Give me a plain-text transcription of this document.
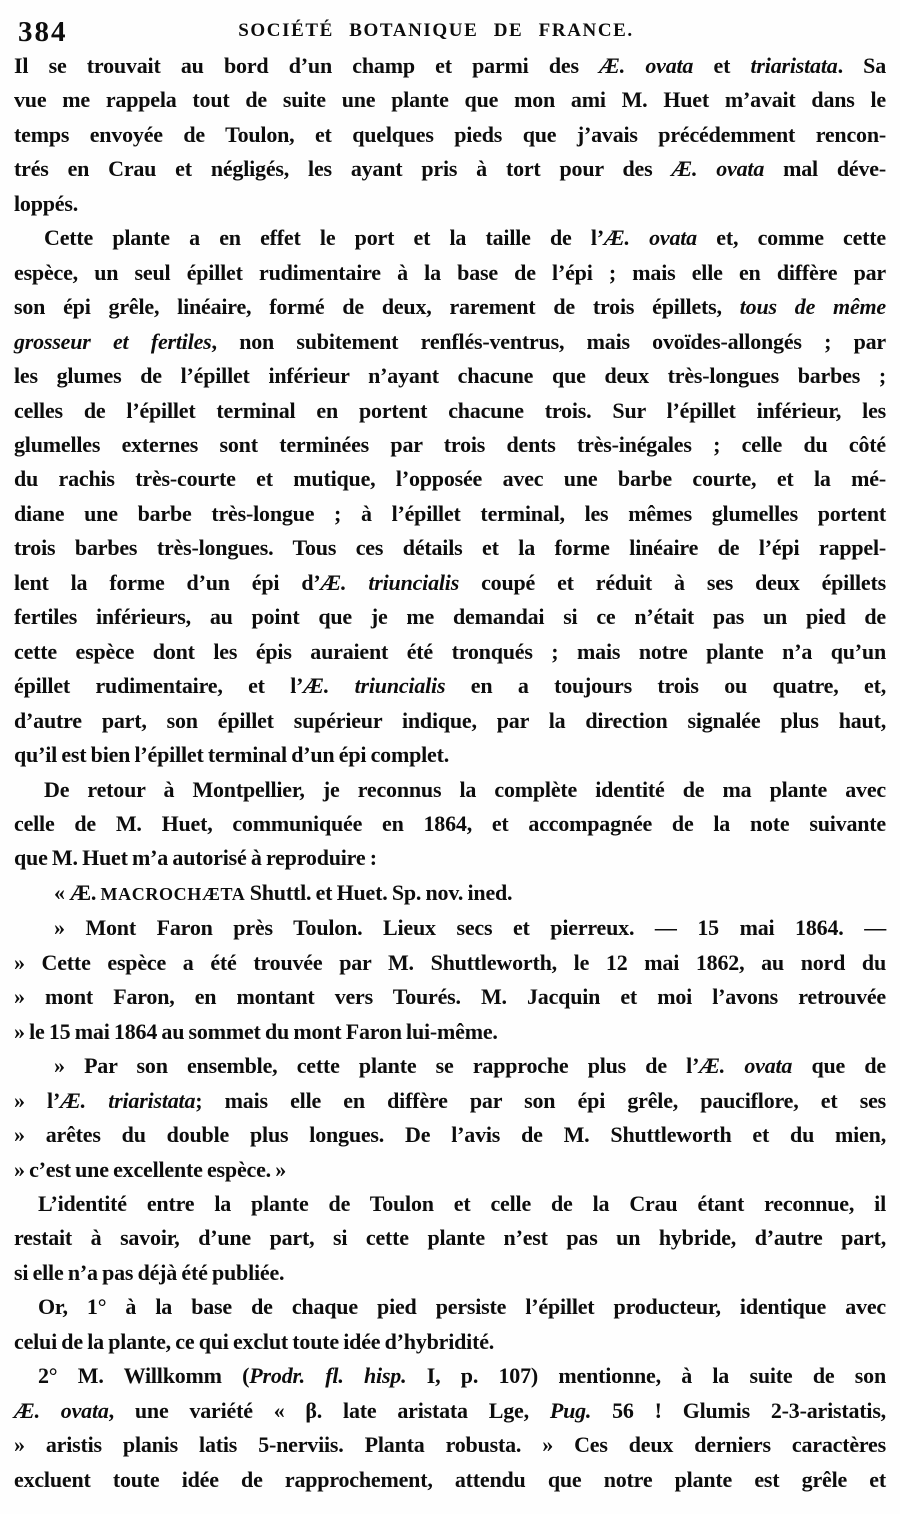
384	SOCIÉTÉ BOTANIQUE DE FRANCE.
Il se trouvait au bord d’un champ et parmi des Æ. ovata et triaristata. Sa
vue me rappela tout de suite une plante que mon ami M. Huet m’avait dans le
temps envoyée de Toulon, et quelques pieds que j’avais précédemment rencon-
trés en Crau et négligés, les ayant pris à tort pour des Æ. ovata mal déve-
loppés.
Cette plante a en effet le port et la taille de l’Æ. ovata et, comme cette
espèce, un seul épillet rudimentaire à la base de l’épi ; mais elle en diffère par
son épi grêle, linéaire, formé de deux, rarement de trois épillets, tous de même
grosseur et fertiles, non subitement renflés-ventrus, mais ovoïdes-allongés ; par
les glumes de l’épillet inférieur n’ayant chacune que deux très-longues barbes ;
celles de l’épillet terminal en portent chacune trois. Sur l’épillet inférieur, les
glumelles externes sont terminées par trois dents très-inégales ; celle du côté
du rachis très-courte et mutique, l’opposée avec une barbe courte, et la mé-
diane une barbe très-longue ; à l’épillet terminal, les mêmes glumelles portent
trois barbes très-longues. Tous ces détails et la forme linéaire de l’épi rappel-
lent la forme d’un épi d’Æ. triuncialis coupé et réduit à ses deux épillets
fertiles inférieurs, au point que je me demandai si ce n’était pas un pied de
cette espèce dont les épis auraient été tronqués ; mais notre plante n’a qu’un
épillet rudimentaire, et l’Æ. triuncialis en a toujours trois ou quatre, et,
d’autre part, son épillet supérieur indique, par la direction signalée plus haut,
qu’il est bien l’épillet terminal d’un épi complet.
De retour à Montpellier, je reconnus la complète identité de ma plante avec
celle de M. Huet, communiquée en 1864, et accompagnée de la note suivante
que M. Huet m’a autorisé à reproduire :
« Æ. MACROCHÆTA Shuttl. et Huet. Sp. nov. ined.
» Mont Faron près Toulon. Lieux secs et pierreux. — 15 mai 1864. —
» Cette espèce a été trouvée par M. Shuttleworth, le 12 mai 1862, au nord du
» mont Faron, en montant vers Tourés. M. Jacquin et moi l’avons retrouvée
» le 15 mai 1864 au sommet du mont Faron lui-même.
» Par son ensemble, cette plante se rapproche plus de l’Æ. ovata que de
» l’Æ. triaristata; mais elle en diffère par son épi grêle, pauciflore, et ses
» arêtes du double plus longues. De l’avis de M. Shuttleworth et du mien,
» c’est une excellente espèce. »
L’identité entre la plante de Toulon et celle de la Crau étant reconnue, il
restait à savoir, d’une part, si cette plante n’est pas un hybride, d’autre part,
si elle n’a pas déjà été publiée.
Or, 1° à la base de chaque pied persiste l’épillet producteur, identique avec
celui de la plante, ce qui exclut toute idée d’hybridité.
2° M. Willkomm (Prodr. fl. hisp. I, p. 107) mentionne, à la suite de son
Æ. ovata, une variété « β. late aristata Lge, Pug. 56 ! Glumis 2-3-aristatis,
» aristis planis latis 5-nerviis. Planta robusta. » Ces deux derniers caractères
excluent toute idée de rapprochement, attendu que notre plante est grêle et
